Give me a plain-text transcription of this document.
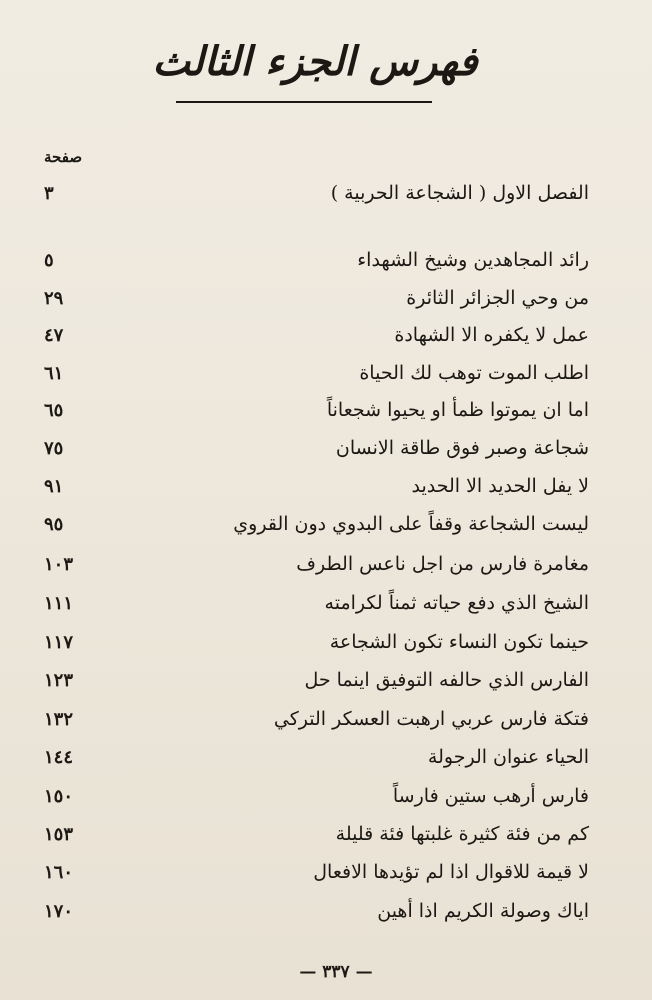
فهرس الجزء الثالث
صفحة
الفصل الاول ( الشجاعة الحربية )
٣
رائد المجاهدين وشيخ الشهداء
٥
من وحي الجزائر الثائرة
٢٩
عمل لا يكفره الا الشهادة
٤٧
اطلب الموت توهب لك الحياة
٦١
اما ان يموتوا ظمأ او يحيوا شجعاناً
٦٥
شجاعة وصبر فوق طاقة الانسان
٧٥
لا يفل الحديد الا الحديد
٩١
ليست الشجاعة وقفاً على البدوي دون القروي
٩٥
مغامرة فارس من اجل ناعس الطرف
١٠٣
الشيخ الذي دفع حياته ثمناً لكرامته
١١١
حينما تكون النساء تكون الشجاعة
١١٧
الفارس الذي حالفه التوفيق اينما حل
١٢٣
فتكة فارس عربي ارهبت العسكر التركي
١٣٢
الحياء عنوان الرجولة
١٤٤
فارس أرهب ستين فارساً
١٥٠
كم من فئة كثيرة غلبتها فئة قليلة
١٥٣
لا قيمة للاقوال اذا لم تؤيدها الافعال
١٦٠
اياك وصولة الكريم اذا أهين
١٧٠
— ٣٣٧ —
